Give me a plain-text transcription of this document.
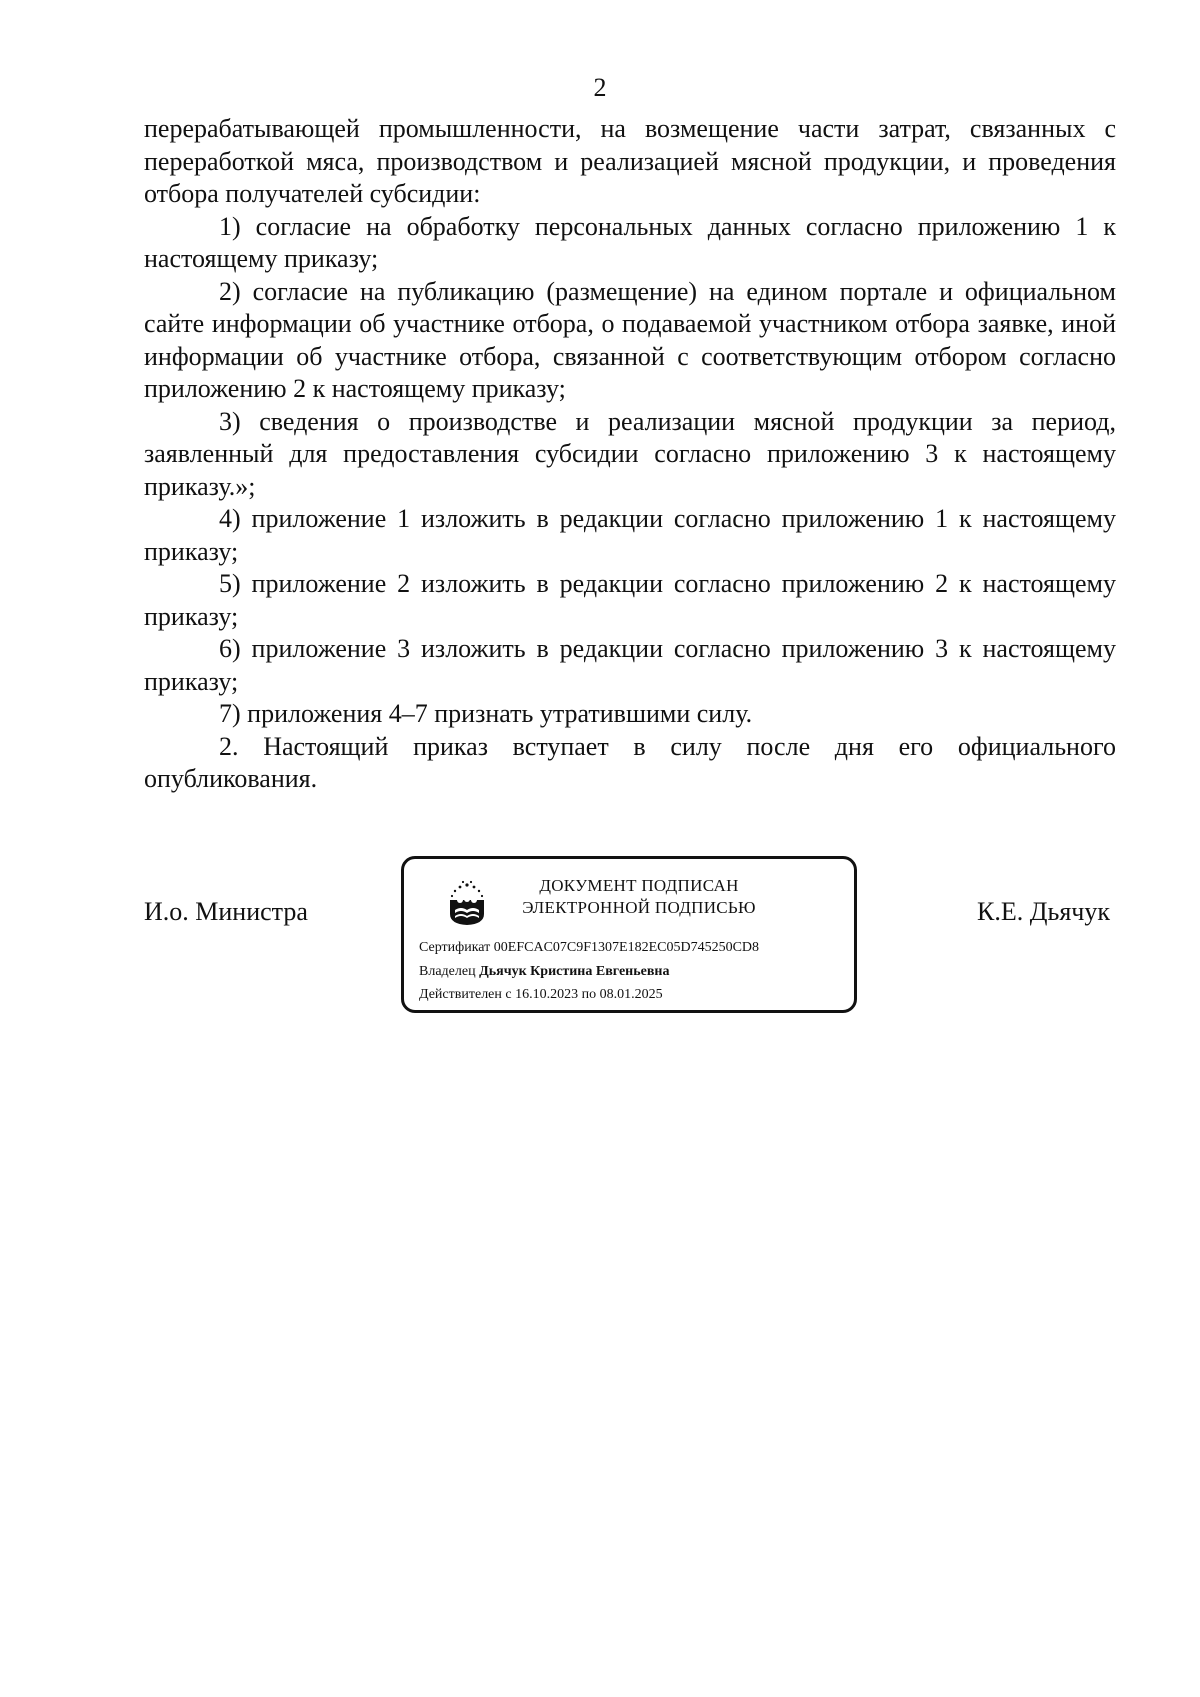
2

перерабатывающей промышленности, на возмещение части затрат, связанных с переработкой мяса, производством и реализацией мясной продукции, и проведения отбора получателей субсидии:

1) согласие на обработку персональных данных согласно приложению 1 к настоящему приказу;

2) согласие на публикацию (размещение) на едином портале и официальном сайте информации об участнике отбора, о подаваемой участником отбора заявке, иной информации об участнике отбора, связанной с соответствующим отбором согласно приложению 2 к настоящему приказу;

3) сведения о производстве и реализации мясной продукции за период, заявленный для предоставления субсидии согласно приложению 3 к настоящему приказу.»;

4) приложение 1 изложить в редакции согласно приложению 1 к настоящему приказу;

5) приложение 2 изложить в редакции согласно приложению 2 к настоящему приказу;

6) приложение 3 изложить в редакции согласно приложению 3 к настоящему приказу;

7) приложения 4–7 признать утратившими силу.

2. Настоящий приказ вступает в силу после дня его официального опубликования.

И.о. Министра
ДОКУМЕНТ ПОДПИСАН
ЭЛЕКТРОННОЙ ПОДПИСЬЮ
Сертификат 00EFCAC07C9F1307E182EC05D745250CD8
Владелец Дьячук Кристина Евгеньевна
Действителен с 16.10.2023 по 08.01.2025
К.Е. Дьячук
